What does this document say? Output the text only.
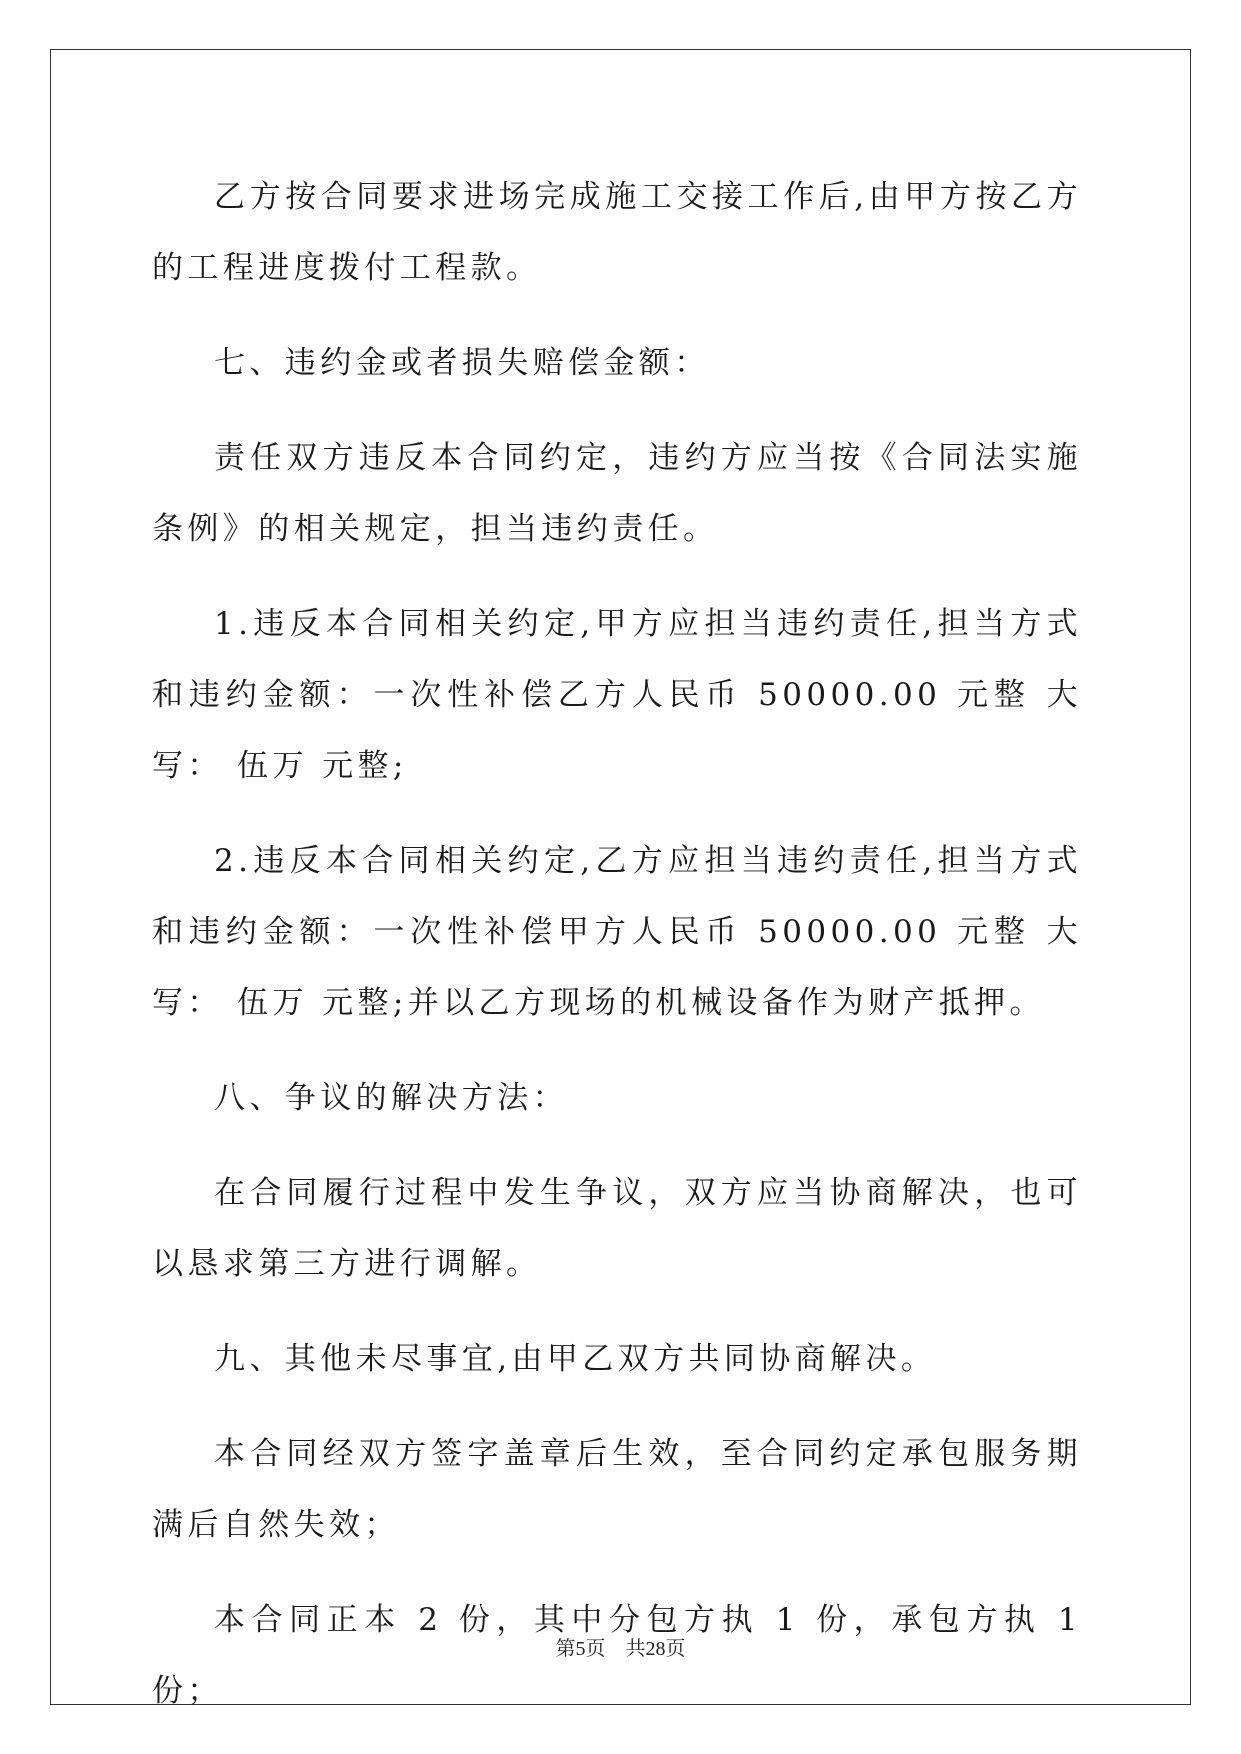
乙方按合同要求进场完成施工交接工作后,由甲方按乙方的工程进度拨付工程款。

七、违约金或者损失赔偿金额：

责任双方违反本合同约定，违约方应当按《合同法实施条例》的相关规定，担当违约责任。

1.违反本合同相关约定,甲方应担当违约责任,担当方式和违约金额：一次性补偿乙方人民币 50000.00 元整 大写： 伍万 元整;

2.违反本合同相关约定,乙方应担当违约责任,担当方式和违约金额：一次性补偿甲方人民币 50000.00 元整 大写： 伍万 元整;并以乙方现场的机械设备作为财产抵押。

八、争议的解决方法：

在合同履行过程中发生争议，双方应当协商解决，也可以恳求第三方进行调解。

九、其他未尽事宜,由甲乙双方共同协商解决。

本合同经双方签字盖章后生效，至合同约定承包服务期满后自然失效；

本合同正本 2 份，其中分包方执 1 份，承包方执 1 份；

第5页 共28页
